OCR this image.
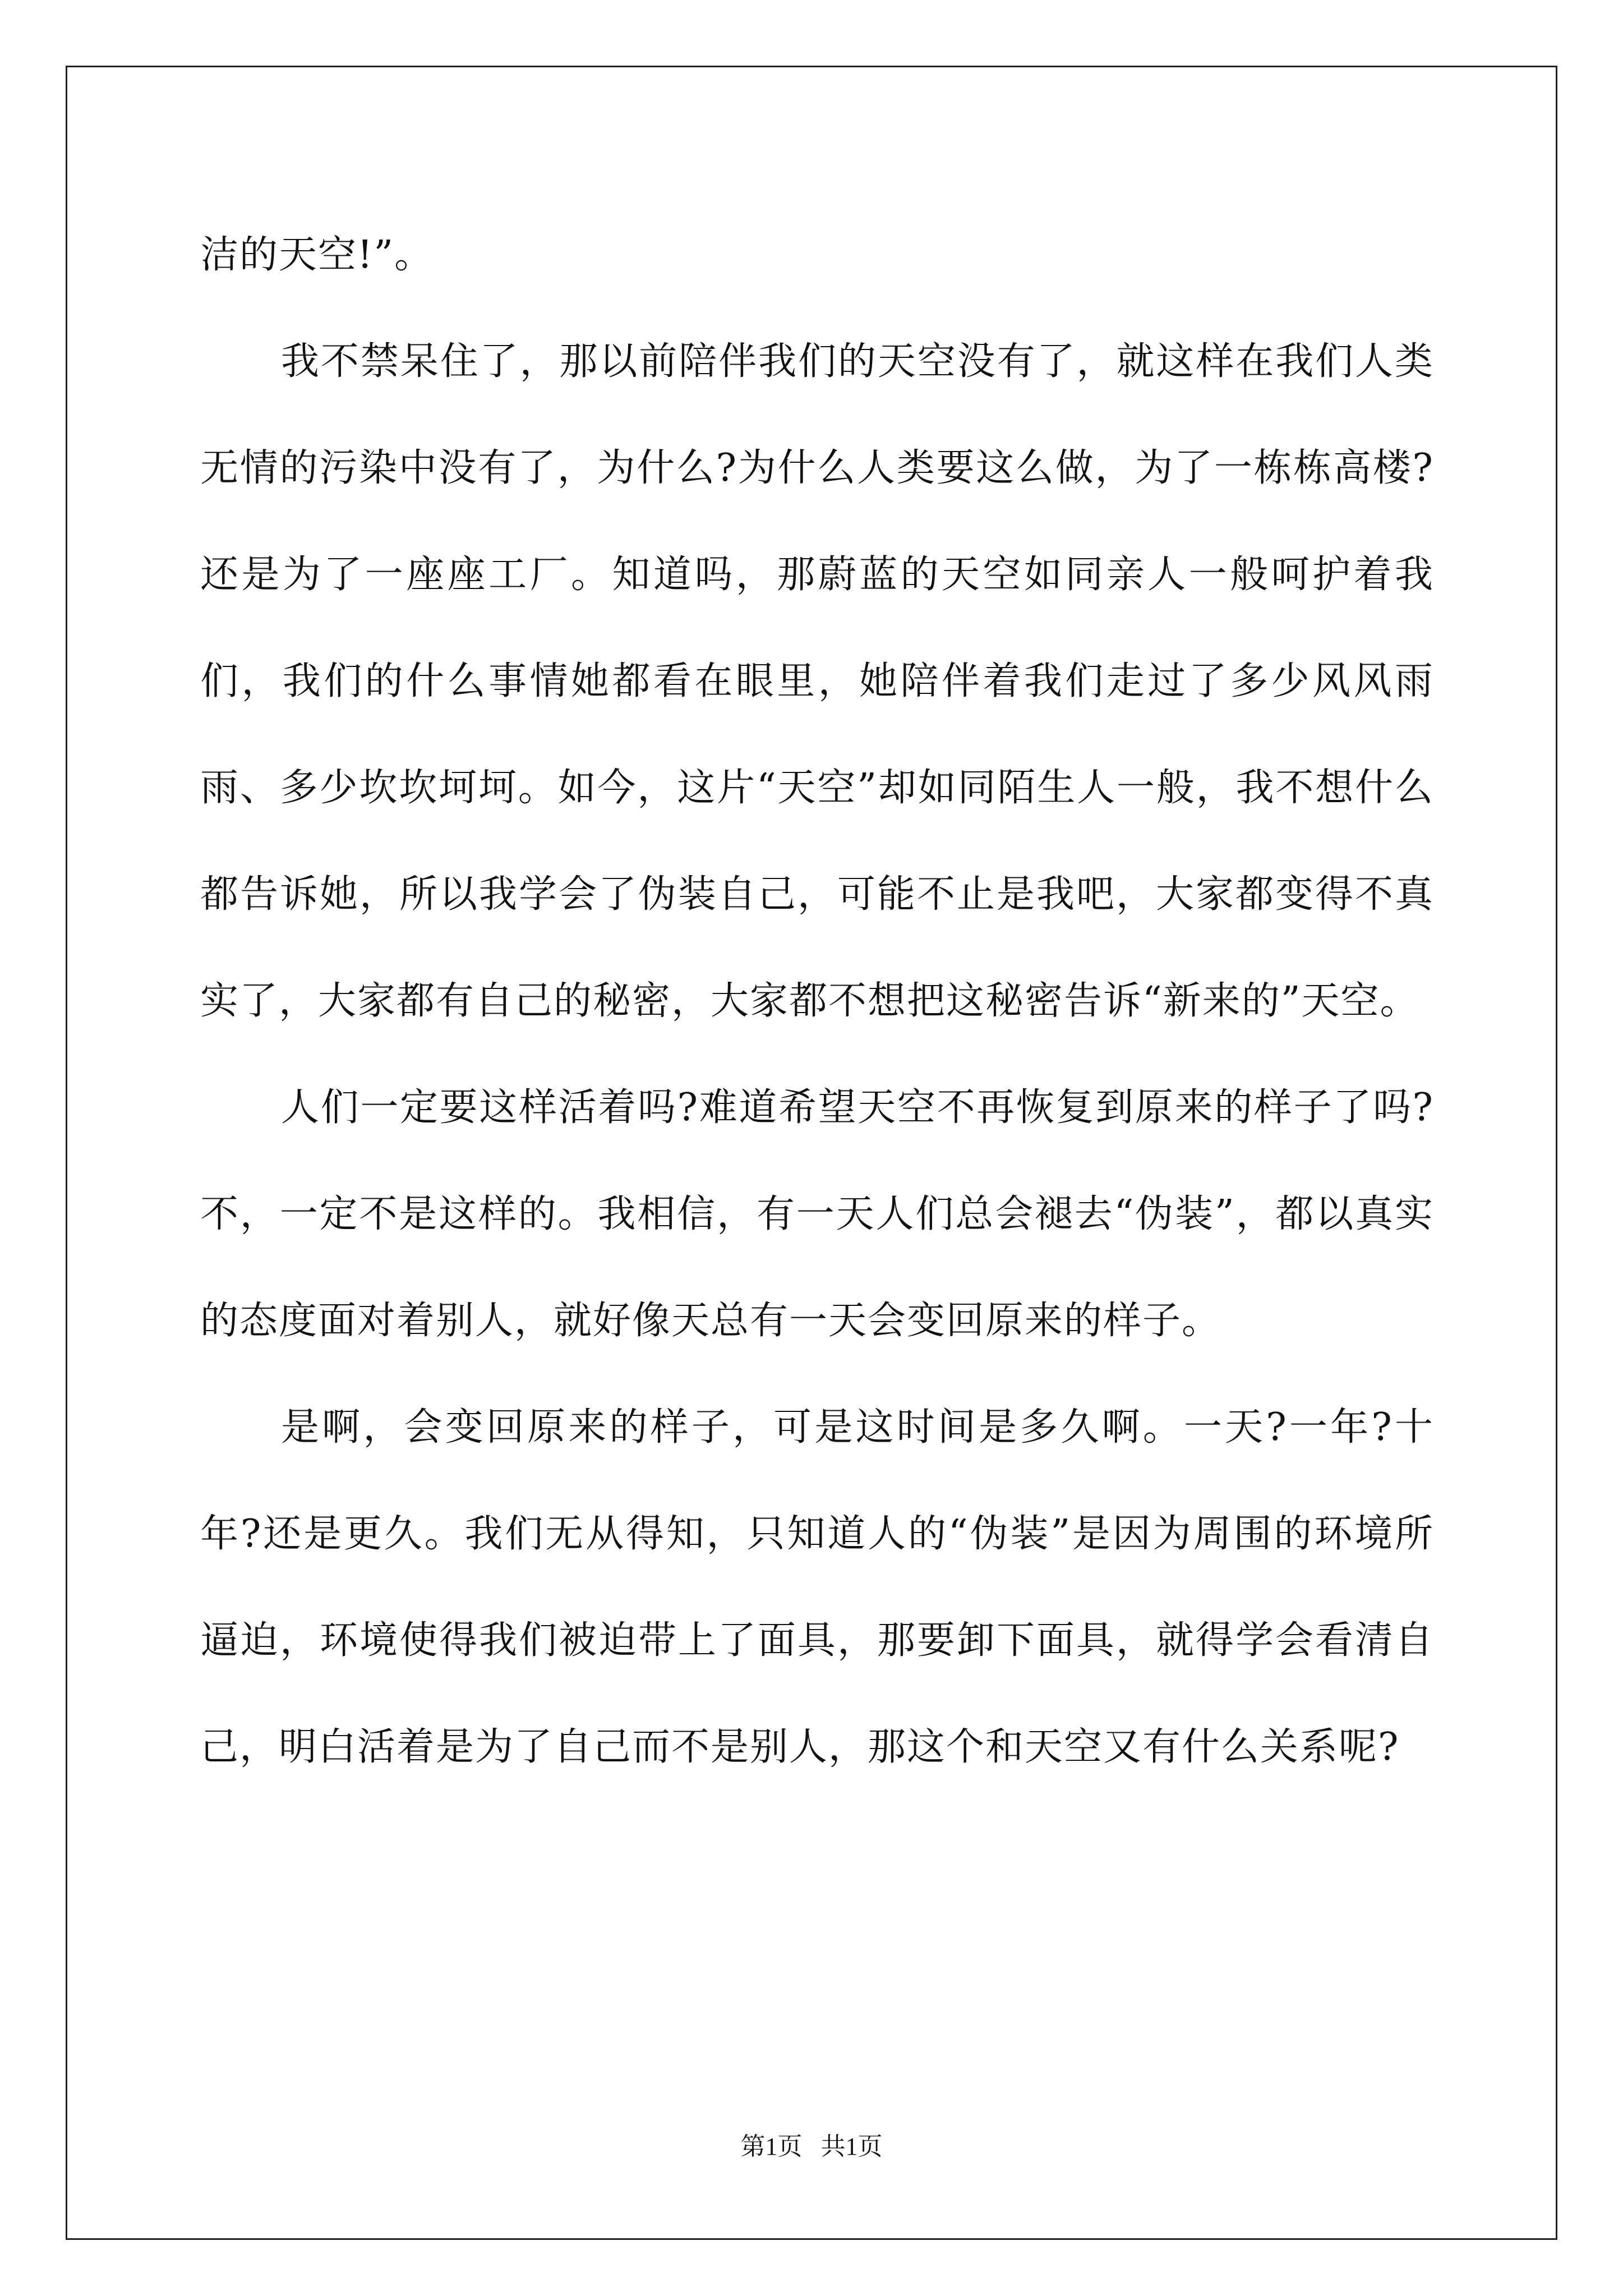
洁的天空!”。

我不禁呆住了，那以前陪伴我们的天空没有了，就这样在我们人类无情的污染中没有了，为什么?为什么人类要这么做，为了一栋栋高楼?还是为了一座座工厂。知道吗，那蔚蓝的天空如同亲人一般呵护着我们，我们的什么事情她都看在眼里，她陪伴着我们走过了多少风风雨雨、多少坎坎坷坷。如今，这片“天空”却如同陌生人一般，我不想什么都告诉她，所以我学会了伪装自己，可能不止是我吧，大家都变得不真实了，大家都有自己的秘密，大家都不想把这秘密告诉“新来的”天空。

人们一定要这样活着吗?难道希望天空不再恢复到原来的样子了吗?不，一定不是这样的。我相信，有一天人们总会褪去“伪装”，都以真实的态度面对着别人，就好像天总有一天会变回原来的样子。

是啊，会变回原来的样子，可是这时间是多久啊。一天?一年?十年?还是更久。我们无从得知，只知道人的“伪装”是因为周围的环境所逼迫，环境使得我们被迫带上了面具，那要卸下面具，就得学会看清自己，明白活着是为了自己而不是别人，那这个和天空又有什么关系呢?

第1页 共1页
